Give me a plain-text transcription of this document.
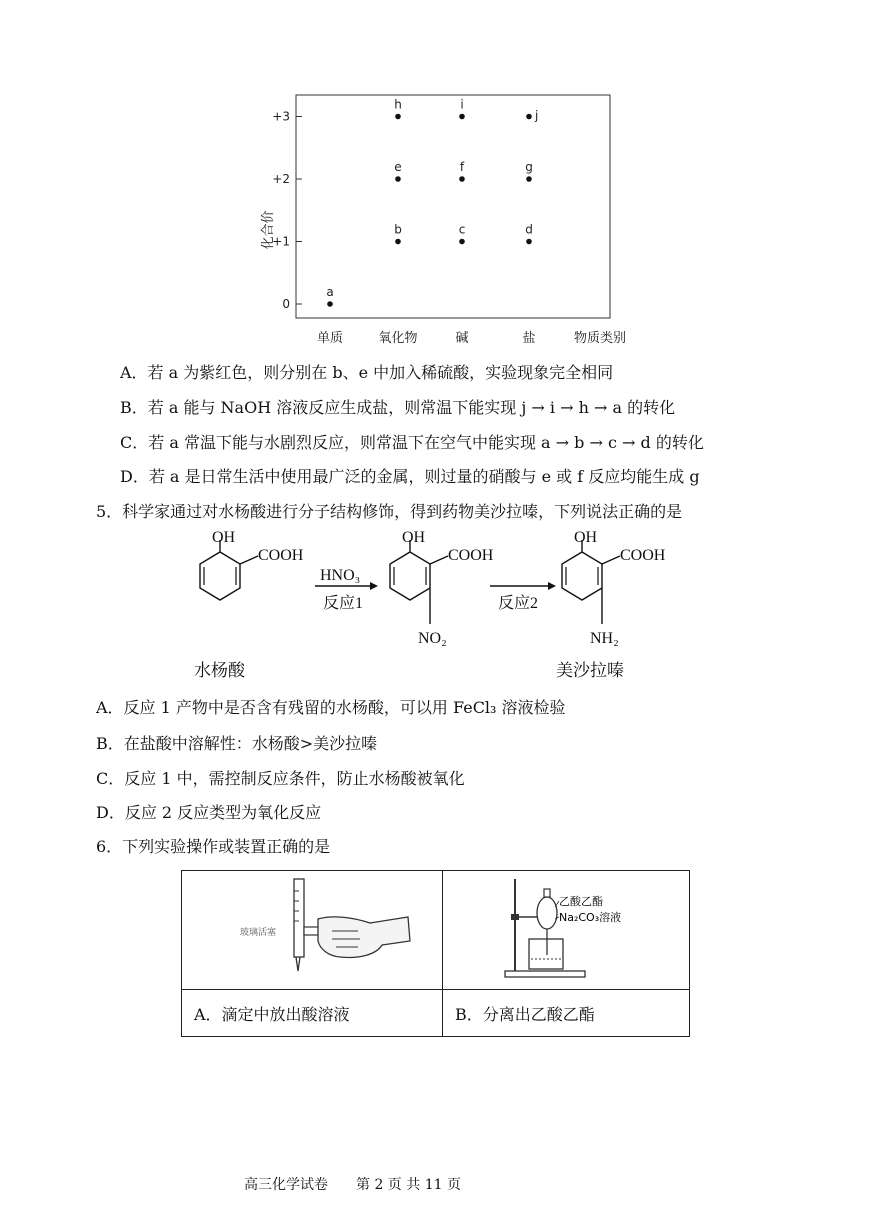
化合价
物质类别
0
+1
+2
+3
单质	氧化物	碱	盐
a
b	c	d
e	f	g
h	i
j
A．若 a 为紫红色，则分别在 b、e 中加入稀硫酸，实验现象完全相同
B．若 a 能与 NaOH 溶液反应生成盐，则常温下能实现 j → i → h → a 的转化
C．若 a 常温下能与水剧烈反应，则常温下在空气中能实现 a → b → c → d 的转化
D．若 a 是日常生活中使用最广泛的金属，则过量的硝酸与 e 或 f 反应均能生成 g
5．科学家通过对水杨酸进行分子结构修饰，得到药物美沙拉嗪，下列说法正确的是
OH
COOH
HNO₃
反应1
OH
COOH
NO₂
反应2
OH
COOH
NH₂
水杨酸	美沙拉嗪
A．反应 1 产物中是否含有残留的水杨酸，可以用 FeCl₃ 溶液检验
B．在盐酸中溶解性：水杨酸>美沙拉嗪
C．反应 1 中，需控制反应条件，防止水杨酸被氧化
D．反应 2 反应类型为氧化反应
6．下列实验操作或装置正确的是
玻璃活塞	乙酸乙酯
Na₂CO₃溶液

A．滴定中放出酸溶液	B．分离出乙酸乙酯
高三化学试卷　　第 2 页 共 11 页
